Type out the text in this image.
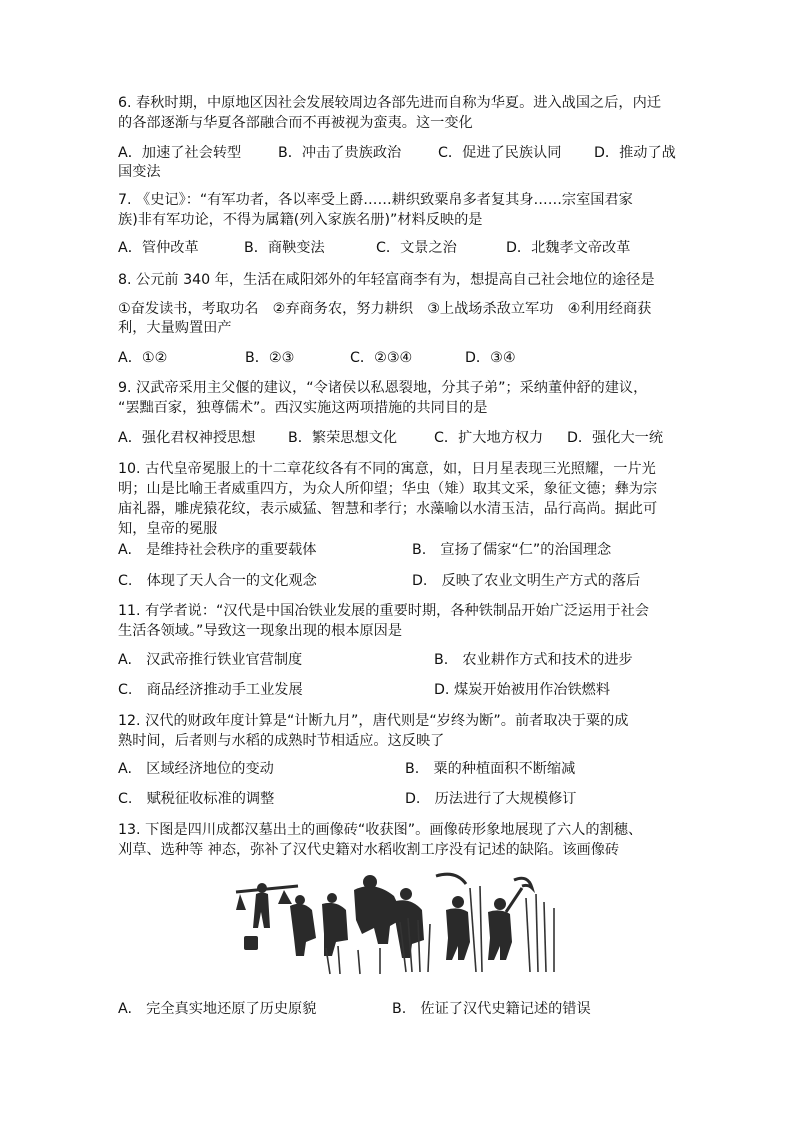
6. 春秋时期，中原地区因社会发展较周边各部先进而自称为华夏。进入战国之后，内迁
的各部逐渐与华夏各部融合而不再被视为蛮夷。这一变化
A．加速了社会转型	B．冲击了贵族政治	C．促进了民族认同 D．推动了战
国变法
7. 《史记》：“有军功者，各以率受上爵……耕织致粟帛多者复其身……宗室国君家
族)非有军功论，不得为属籍(列入家族名册)”材料反映的是
A．管仲改革	B．商鞅变法	C．文景之治	D．北魏孝文帝改革
8. 公元前 340 年，生活在咸阳郊外的年轻富商李有为，想提高自己社会地位的途径是
①奋发读书，考取功名　②弃商务农，努力耕织　③上战场杀敌立军功　④利用经商获
利，大量购置田产
A．①②	B．②③	C．②③④	D．③④
9. 汉武帝采用主父偃的建议，“令诸侯以私恩裂地，分其子弟”；采纳董仲舒的建议，
“罢黜百家，独尊儒术”。西汉实施这两项措施的共同目的是
A．强化君权神授思想 B．繁荣思想文化	C．扩大地方权力 D．强化大一统
10. 古代皇帝冕服上的十二章花纹各有不同的寓意，如，日月星表现三光照耀，一片光
明；山是比喻王者威重四方，为众人所仰望；华虫（雉）取其文采，象征文德；彝为宗
庙礼器，雕虎猿花纹，表示威猛、智慧和孝行；水藻喻以水清玉洁，品行高尚。据此可
知，皇帝的冕服
A.　是维持社会秩序的重要载体	B.　宣扬了儒家“仁”的治国理念
C.　体现了天人合一的文化观念	D.　反映了农业文明生产方式的落后
11. 有学者说：“汉代是中国冶铁业发展的重要时期，各种铁制品开始广泛运用于社会
生活各领域。”导致这一现象出现的根本原因是
A.　汉武帝推行铁业官营制度	B.　农业耕作方式和技术的进步
C.　商品经济推动手工业发展	D. 煤炭开始被用作冶铁燃料
12. 汉代的财政年度计算是“计断九月”，唐代则是“岁终为断”。前者取决于粟的成
熟时间，后者则与水稻的成熟时节相适应。这反映了
A.　区域经济地位的变动	B.　粟的种植面积不断缩减
C.　赋税征收标准的调整	D.　历法进行了大规模修订
13. 下图是四川成都汉墓出土的画像砖“收获图”。画像砖形象地展现了六人的割穗、
刈草、选种等 神态，弥补了汉代史籍对水稻收割工序没有记述的缺陷。该画像砖
A.　完全真实地还原了历史原貌	B.　佐证了汉代史籍记述的错误
